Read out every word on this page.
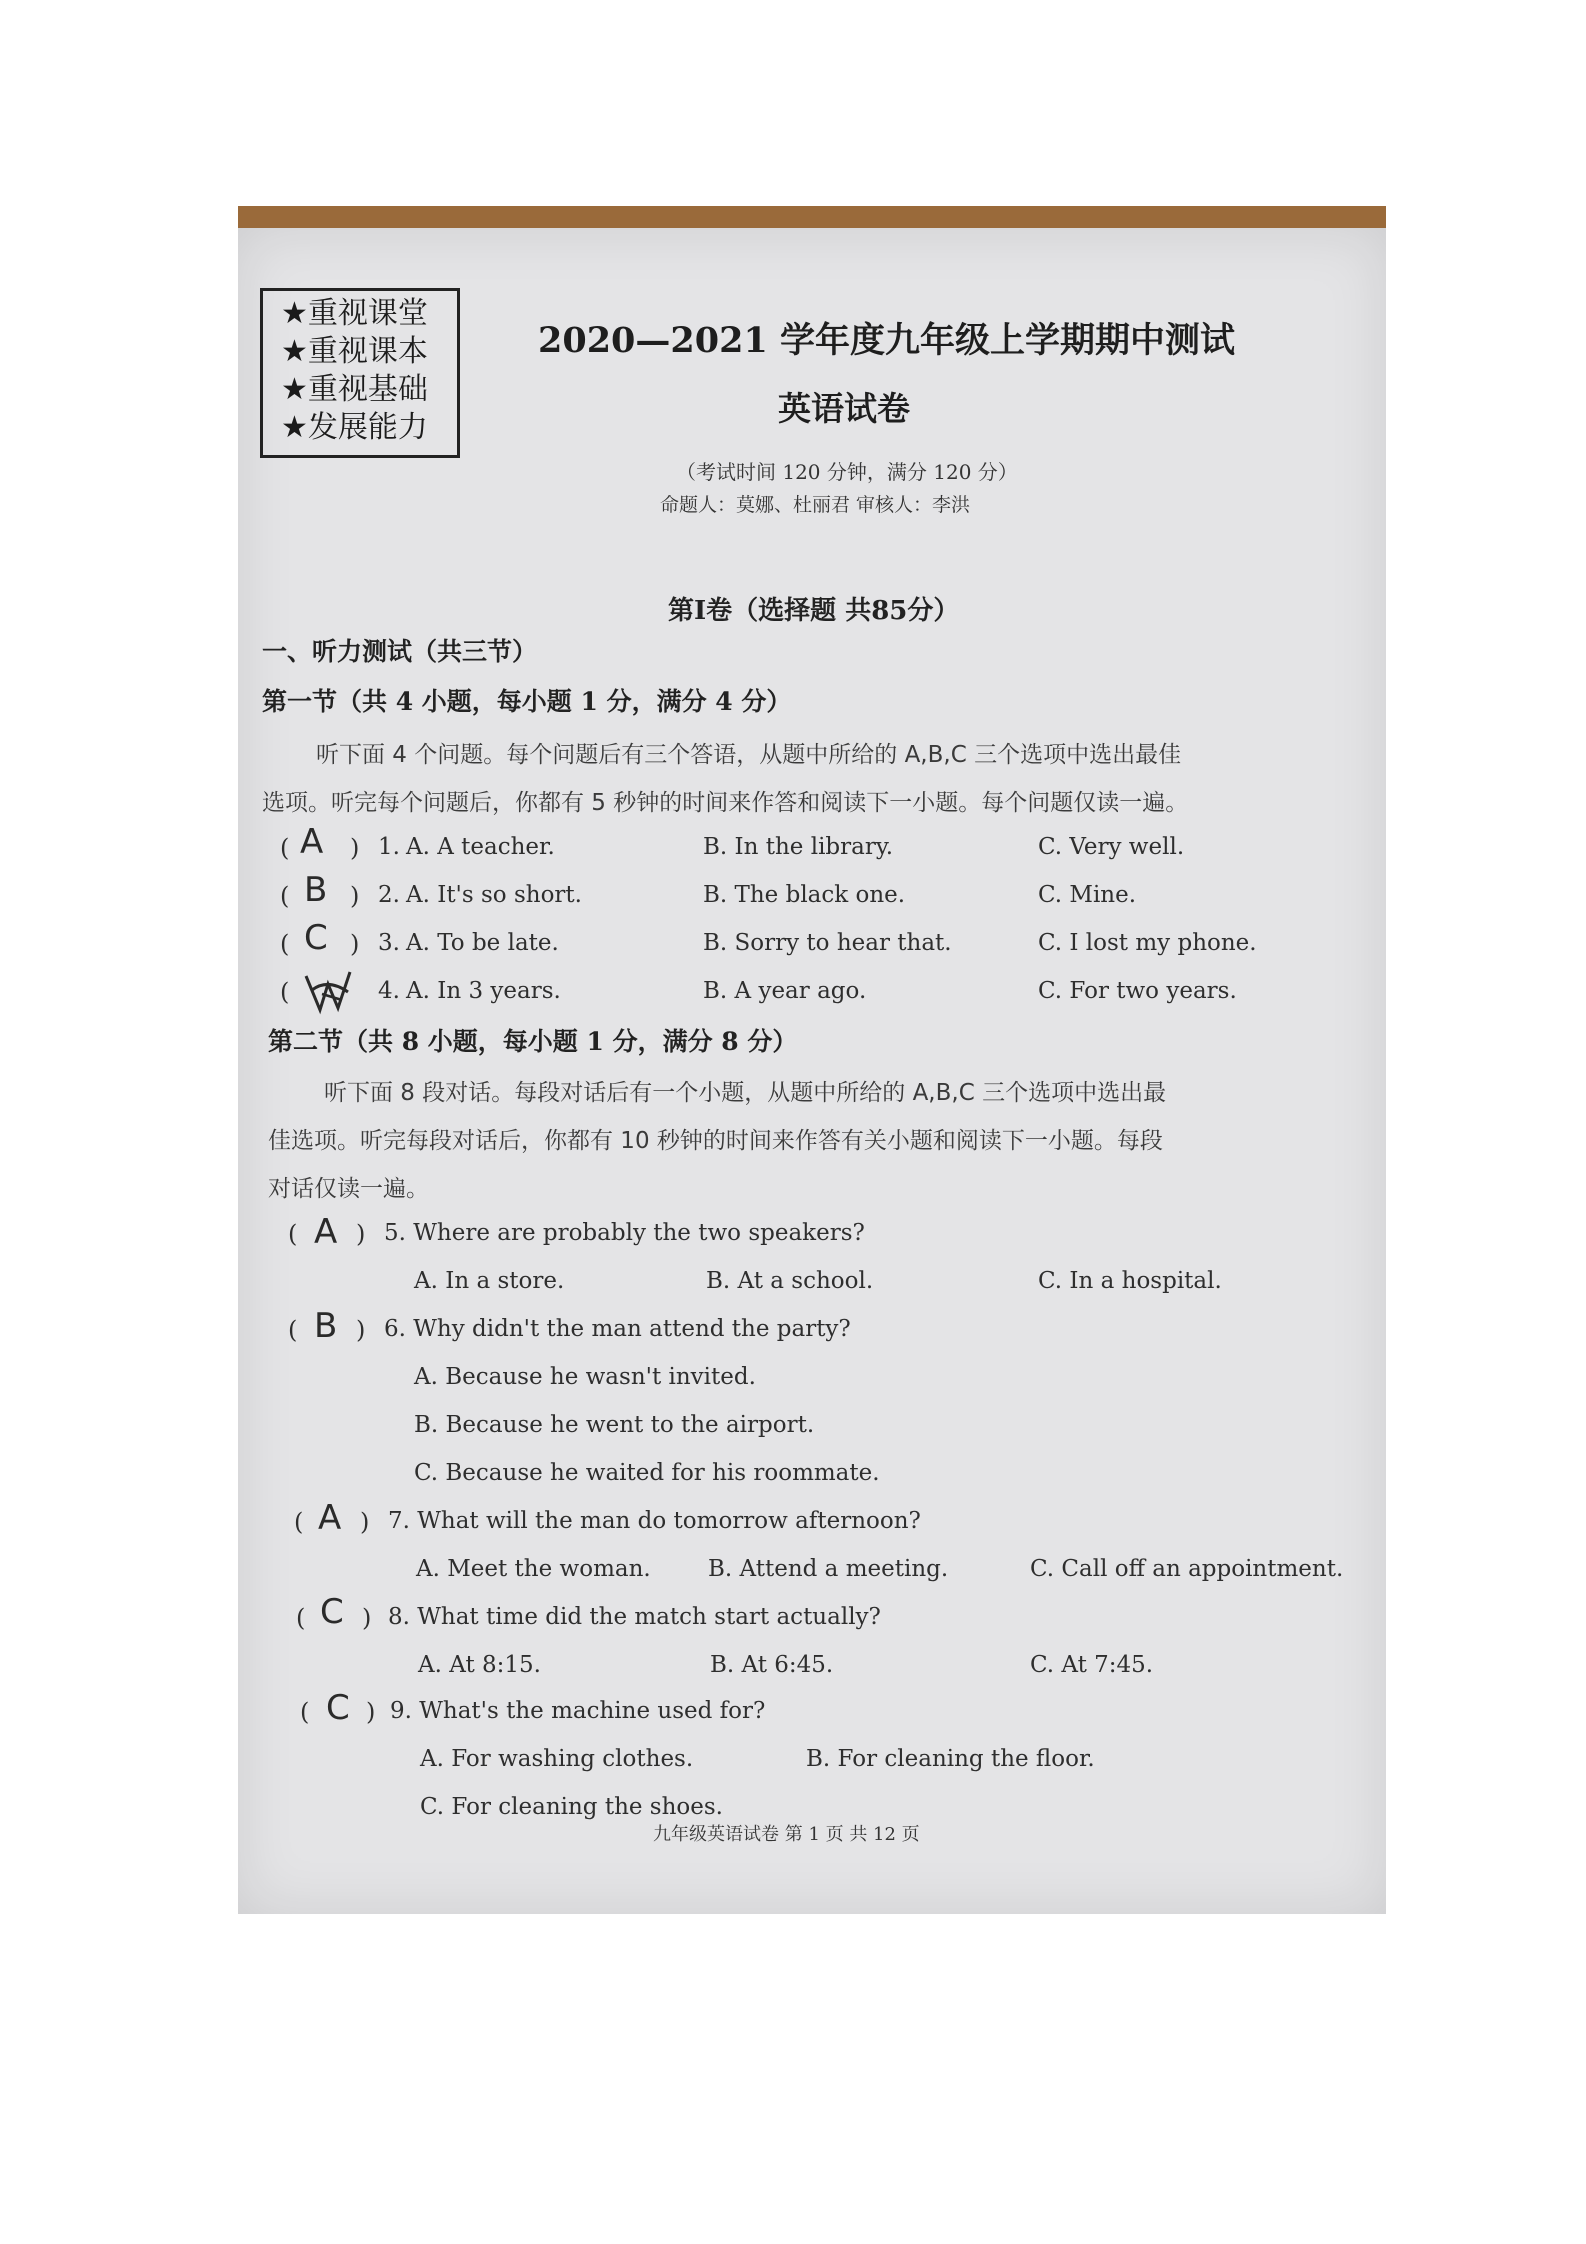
★重视课堂
★重视课本
★重视基础
★发展能力
2020—2021 学年度九年级上学期期中测试
英语试卷
（考试时间 120 分钟，满分 120 分）
命题人：莫娜、杜丽君 审核人：李洪
第Ⅰ卷（选择题 共85分）
一、听力测试（共三节）
第一节（共 4 小题，每小题 1 分，满分 4 分）
听下面 4 个问题。每个问题后有三个答语，从题中所给的 A,B,C 三个选项中选出最佳
选项。听完每个问题后，你都有 5 秒钟的时间来作答和阅读下一小题。每个问题仅读一遍。
( A ) 1. A. A teacher.	B. In the library.	C. Very well.
( B ) 2. A. It's so short.	B. The black one.	C. Mine.
( C ) 3. A. To be late.	B. Sorry to hear that.	C. I lost my phone.
(	4. A. In 3 years.	B. A year ago.	C. For two years.
第二节（共 8 小题，每小题 1 分，满分 8 分）
听下面 8 段对话。每段对话后有一个小题，从题中所给的 A,B,C 三个选项中选出最
佳选项。听完每段对话后，你都有 10 秒钟的时间来作答有关小题和阅读下一小题。每段
对话仅读一遍。
( A ) 5. Where are probably the two speakers?
A. In a store.	B. At a school.	C. In a hospital.
( B ) 6. Why didn't the man attend the party?
A. Because he wasn't invited.
B. Because he went to the airport.
C. Because he waited for his roommate.
( A ) 7. What will the man do tomorrow afternoon?
A. Meet the woman. B. Attend a meeting.	C. Call off an appointment.
( C ) 8. What time did the match start actually?
A. At 8:15.	B. At 6:45.	C. At 7:45.
( C ) 9. What's the machine used for?
A. For washing clothes.	B. For cleaning the floor.
C. For cleaning the shoes.
九年级英语试卷 第 1 页 共 12 页
